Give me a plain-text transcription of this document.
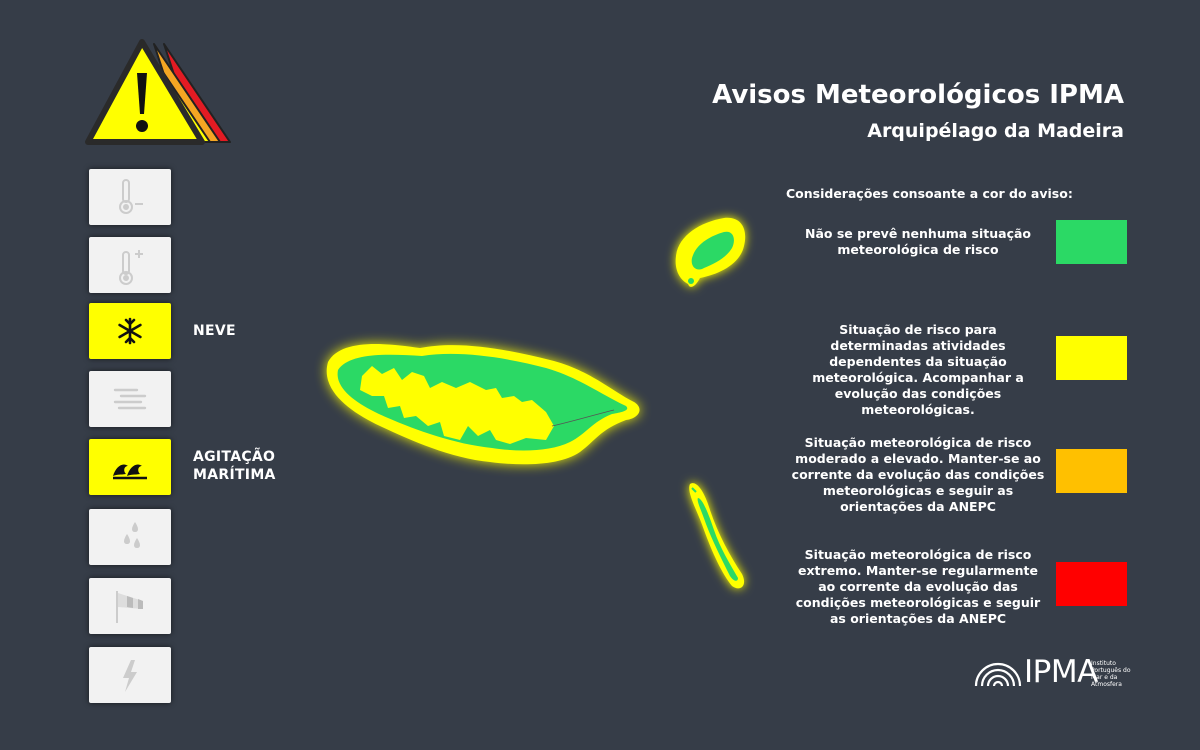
NEVE
AGITAÇÃO
MARÍTIMA
Avisos Meteorológicos IPMA
Arquipélago da Madeira
Considerações consoante a cor do aviso:
Não se prevê nenhuma situação meteorológica de risco
Situação de risco para determinadas atividades dependentes da situação meteorológica. Acompanhar a evolução das condições meteorológicas.
Situação meteorológica de risco moderado a elevado. Manter-se ao corrente da evolução das condições meteorológicas e seguir as orientações da ANEPC
Situação meteorológica de risco extremo. Manter-se regularmente ao corrente da evolução das condições meteorológicas e seguir as orientações da ANEPC
IPMA
Instituto Português do Mar e da Atmosfera
